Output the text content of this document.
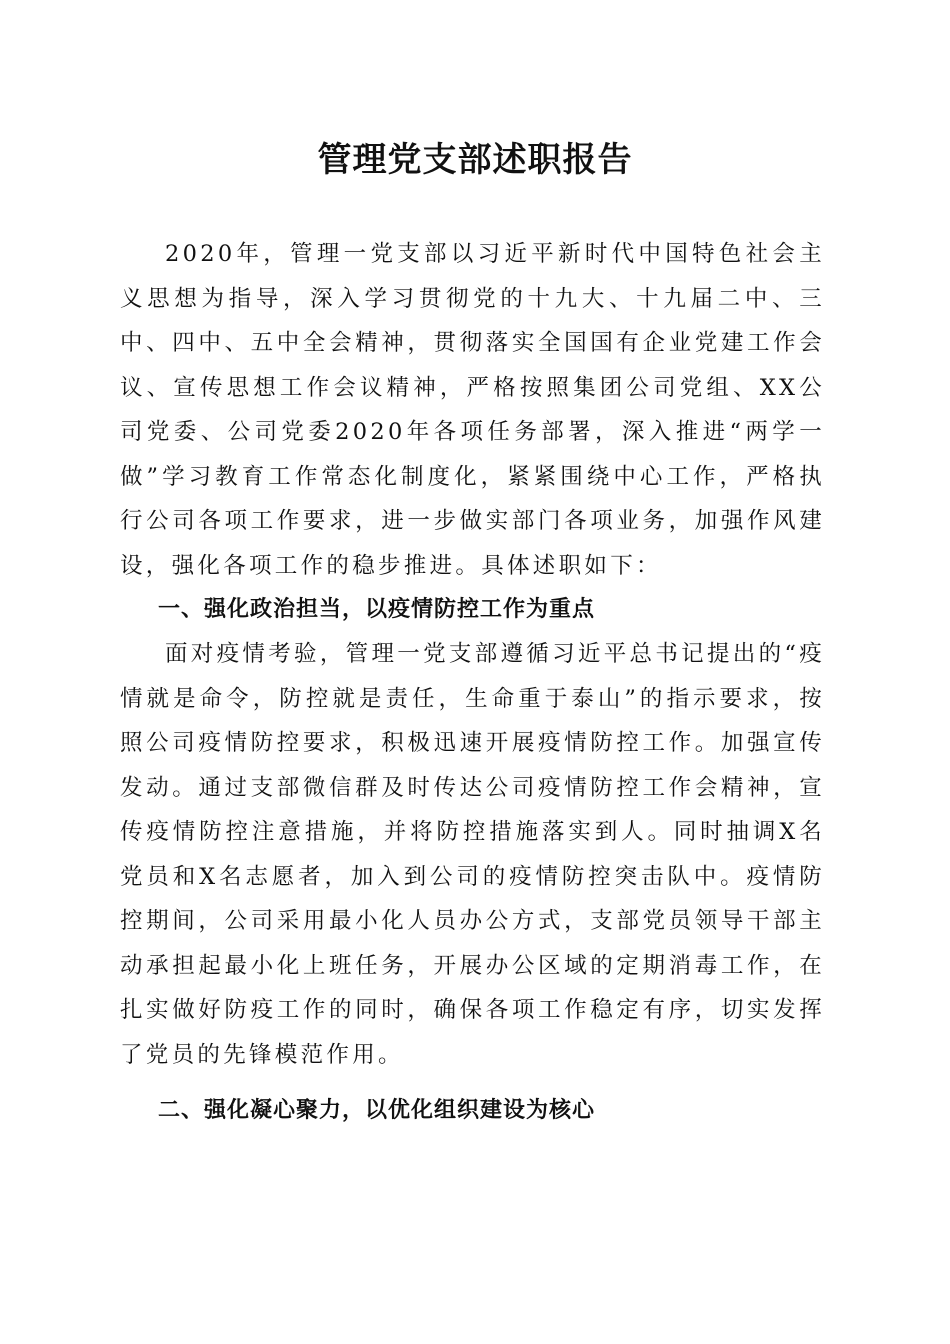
管理党支部述职报告

2020年，管理一党支部以习近平新时代中国特色社会主义思想为指导，深入学习贯彻党的十九大、十九届二中、三中、四中、五中全会精神，贯彻落实全国国有企业党建工作会议、宣传思想工作会议精神，严格按照集团公司党组、XX公司党委、公司党委2020年各项任务部署，深入推进“两学一做”学习教育工作常态化制度化，紧紧围绕中心工作，严格执行公司各项工作要求，进一步做实部门各项业务，加强作风建设，强化各项工作的稳步推进。具体述职如下：

一、强化政治担当，以疫情防控工作为重点

面对疫情考验，管理一党支部遵循习近平总书记提出的“疫情就是命令，防控就是责任，生命重于泰山”的指示要求，按照公司疫情防控要求，积极迅速开展疫情防控工作。加强宣传发动。通过支部微信群及时传达公司疫情防控工作会精神，宣传疫情防控注意措施，并将防控措施落实到人。同时抽调X名党员和X名志愿者，加入到公司的疫情防控突击队中。疫情防控期间，公司采用最小化人员办公方式，支部党员领导干部主动承担起最小化上班任务，开展办公区域的定期消毒工作，在扎实做好防疫工作的同时，确保各项工作稳定有序，切实发挥了党员的先锋模范作用。

二、强化凝心聚力，以优化组织建设为核心
